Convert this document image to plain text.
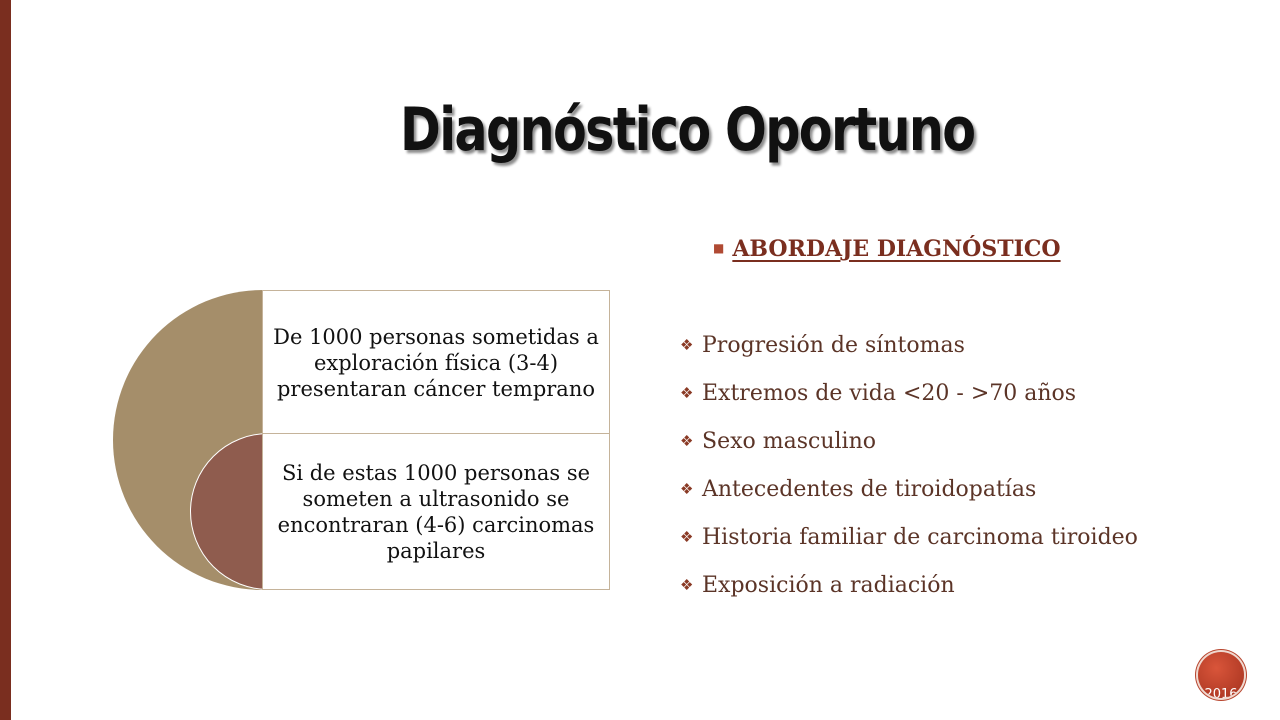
Diagnóstico Oportuno
■ ABORDAJE DIAGNÓSTICO
❖ Progresión de síntomas
❖ Extremos de vida <20 - >70 años
❖ Sexo masculino
❖ Antecedentes de tiroidopatías
❖ Historia familiar de carcinoma tiroideo
❖ Exposición a radiación
De 1000 personas sometidas a exploración física (3-4) presentaran cáncer temprano
Si de estas 1000 personas se someten a ultrasonido se encontraran (4-6) carcinomas papilares
2016
